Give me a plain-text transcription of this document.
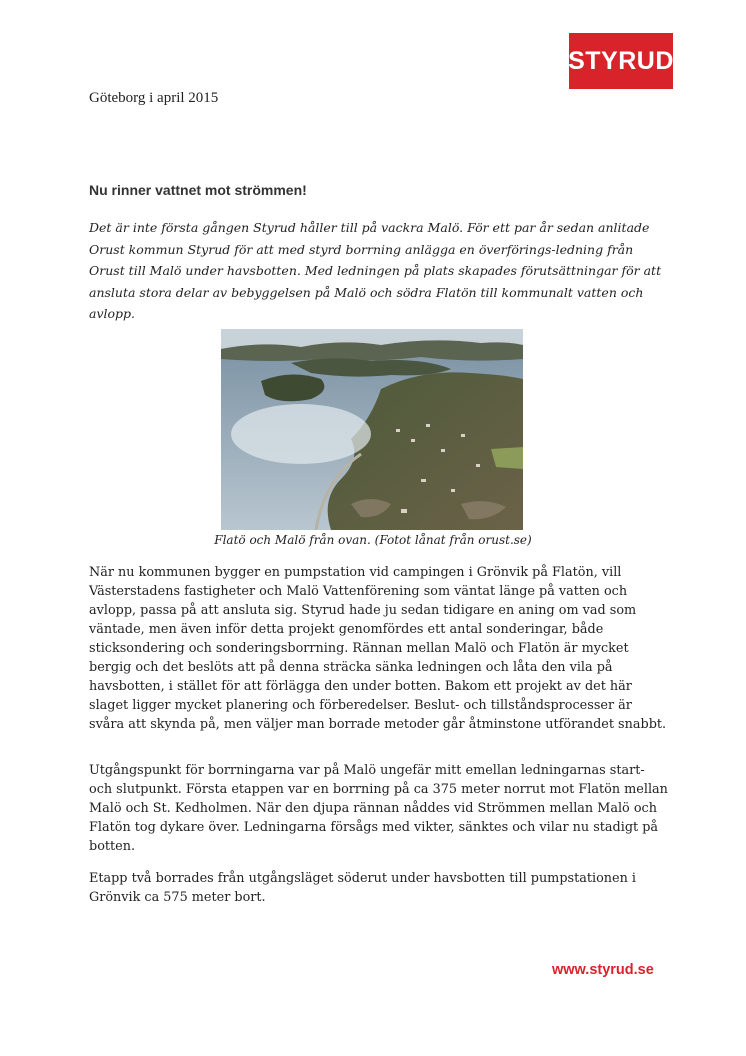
STYRUD
Göteborg i april 2015
Nu rinner vattnet mot strömmen!
Det är inte första gången Styrud håller till på vackra Malö. För ett par år sedan anlitade Orust kommun Styrud för att med styrd borrning anlägga en överförings-ledning från Orust till Malö under havsbotten. Med ledningen på plats skapades förutsättningar för att ansluta stora delar av bebyggelsen på Malö och södra Flatön till kommunalt vatten och avlopp.
Flatö och Malö från ovan. (Fotot lånat från orust.se)
När nu kommunen bygger en pumpstation vid campingen i Grönvik på Flatön, vill Västerstadens fastigheter och Malö Vattenförening som väntat länge på vatten och avlopp, passa på att ansluta sig. Styrud hade ju sedan tidigare en aning om vad som väntade, men även inför detta projekt genomfördes ett antal sonderingar, både sticksondering och sonderingsborrning. Rännan mellan Malö och Flatön är mycket bergig och det beslöts att på denna sträcka sänka ledningen och låta den vila på havsbotten, i stället för att förlägga den under botten. Bakom ett projekt av det här slaget ligger mycket planering och förberedelser. Beslut- och tillståndsprocesser är svåra att skynda på, men väljer man borrade metoder går åtminstone utförandet snabbt.
Utgångspunkt för borrningarna var på Malö ungefär mitt emellan ledningarnas start- och slutpunkt. Första etappen var en borrning på ca 375 meter norrut mot Flatön mellan Malö och St. Kedholmen. När den djupa rännan nåddes vid Strömmen mellan Malö och Flatön tog dykare över. Ledningarna försågs med vikter, sänktes och vilar nu stadigt på botten.
Etapp två borrades från utgångsläget söderut under havsbotten till pumpstationen i Grönvik ca 575 meter bort.
www.styrud.se
